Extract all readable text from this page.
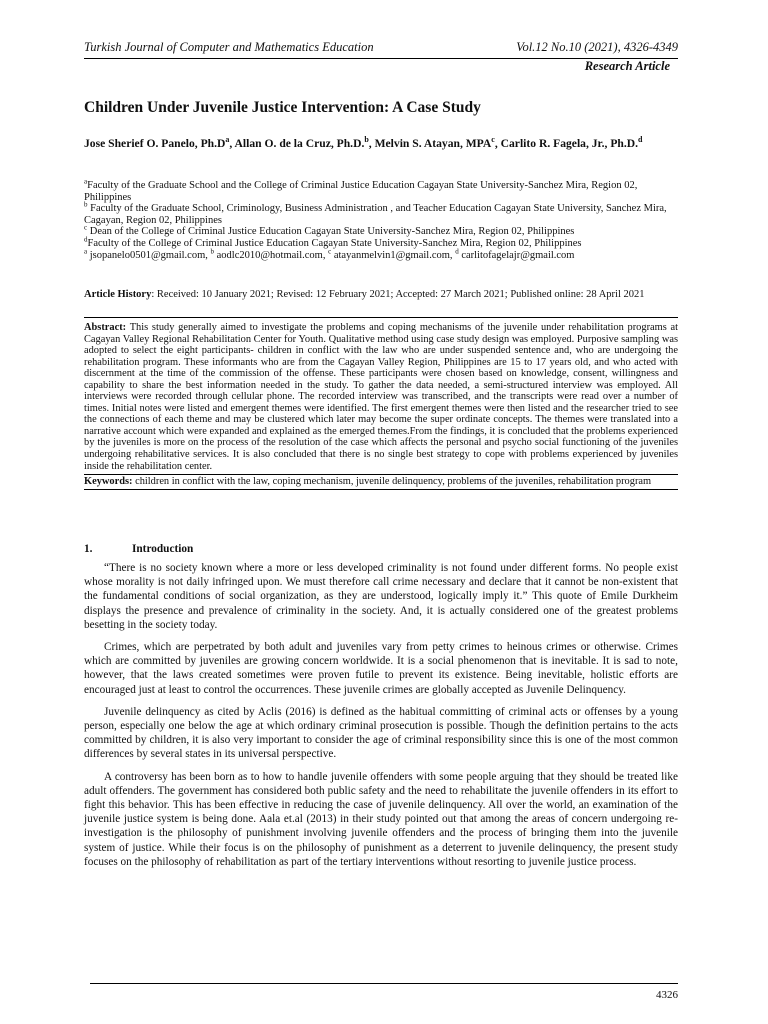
Turkish Journal of Computer and Mathematics Education	Vol.12 No.10 (2021), 4326-4349
Research Article
Children Under Juvenile Justice Intervention: A Case Study
Jose Sherief O. Panelo, $Ph.D^a$, Allan O. de la Cruz, Ph.D.$^b$, Melvin S. Atayan, MPA$^c$, Carlito R. Fagela, Jr., Ph.D.$^d$

$^a$Faculty of the Graduate School and the College of Criminal Justice Education Cagayan State University-Sanchez Mira, Region 02, Philippines

$^b$ Faculty of the Graduate School, Criminology, Business Administration , and Teacher Education Cagayan State University, Sanchez Mira, Cagayan, Region 02, Philippines

$^c$ Dean of the College of Criminal Justice Education Cagayan State University-Sanchez Mira, Region 02, Philippines

$^d$Faculty of the College of Criminal Justice Education Cagayan State University-Sanchez Mira, Region 02, Philippines

$^a$ jsopanelo0501@gmail.com, $^b$ aodlc2010@hotmail.com, $^c$ atayanmelvin1@gmail.com, $^d$ carlitofagelajr@gmail.com

Article History: Received: 10 January 2021; Revised: 12 February 2021; Accepted: 27 March 2021; Published online: 28 April 2021
Abstract: This study generally aimed to investigate the problems and coping mechanisms of the juvenile under rehabilitation programs at Cagayan Valley Regional Rehabilitation Center for Youth. Qualitative method using case study design was employed. Purposive sampling was adopted to select the eight participants- children in conflict with the law who are under suspended sentence and, who are undergoing the rehabilitation program. These informants who are from the Cagayan Valley Region, Philippines are 15 to 17 years old, and who acted with discernment at the time of the commission of the offense. These participants were chosen based on knowledge, consent, willingness and capability to share the best information needed in the study. To gather the data needed, a semi-structured interview was employed. All interviews were recorded through cellular phone. The recorded interview was transcribed, and the transcripts were read over a number of times. Initial notes were listed and emergent themes were identified. The first emergent themes were then listed and the researcher tried to see the connections of each theme and may be clustered which later may become the super ordinate concepts. The themes were translated into a narrative account which were expanded and explained as the emerged themes.From the findings, it is concluded that the problems experienced by the juveniles is more on the process of the resolution of the case which affects the personal and psycho social functioning of the juveniles undergoing rehabilitative services. It is also concluded that there is no single best strategy to cope with problems experienced by juveniles inside the rehabilitation center.
Keywords: children in conflict with the law, coping mechanism, juvenile delinquency, problems of the juveniles, rehabilitation program
1.	Introduction

“There is no society known where a more or less developed criminality is not found under different forms. No people exist whose morality is not daily infringed upon. We must therefore call crime necessary and declare that it cannot be non-existent that the fundamental conditions of social organization, as they are understood, logically imply it.” This quote of Emile Durkheim displays the presence and prevalence of criminality in the society. And, it is actually considered one of the greatest problems besetting in the society today.

Crimes, which are perpetrated by both adult and juveniles vary from petty crimes to heinous crimes or otherwise. Crimes which are committed by juveniles are growing concern worldwide. It is a social phenomenon that is inevitable. It is sad to note, however, that the laws created sometimes were proven futile to prevent its existence. Being inevitable, holistic efforts are encouraged just at least to control the occurrences. These juvenile crimes are globally accepted as Juvenile Delinquency.

Juvenile delinquency as cited by Aclis (2016) is defined as the habitual committing of criminal acts or offenses by a young person, especially one below the age at which ordinary criminal prosecution is possible. Though the definition pertains to the acts committed by children, it is also very important to consider the age of criminal responsibility since this is one of the most common differences by several states in its universal perspective.

A controversy has been born as to how to handle juvenile offenders with some people arguing that they should be treated like adult offenders. The government has considered both public safety and the need to rehabilitate the juvenile offenders in its effort to fight this behavior. This has been effective in reducing the case of juvenile delinquency. All over the world, an examination of the juvenile justice system is being done. Aala et.al (2013) in their study pointed out that among the areas of concern undergoing re-investigation is the philosophy of punishment involving juvenile offenders and the process of bringing them into the juvenile system of justice. While their focus is on the philosophy of punishment as a deterrent to juvenile delinquency, the present study focuses on the philosophy of rehabilitation as part of the tertiary interventions without resorting to juvenile justice process.

4326
